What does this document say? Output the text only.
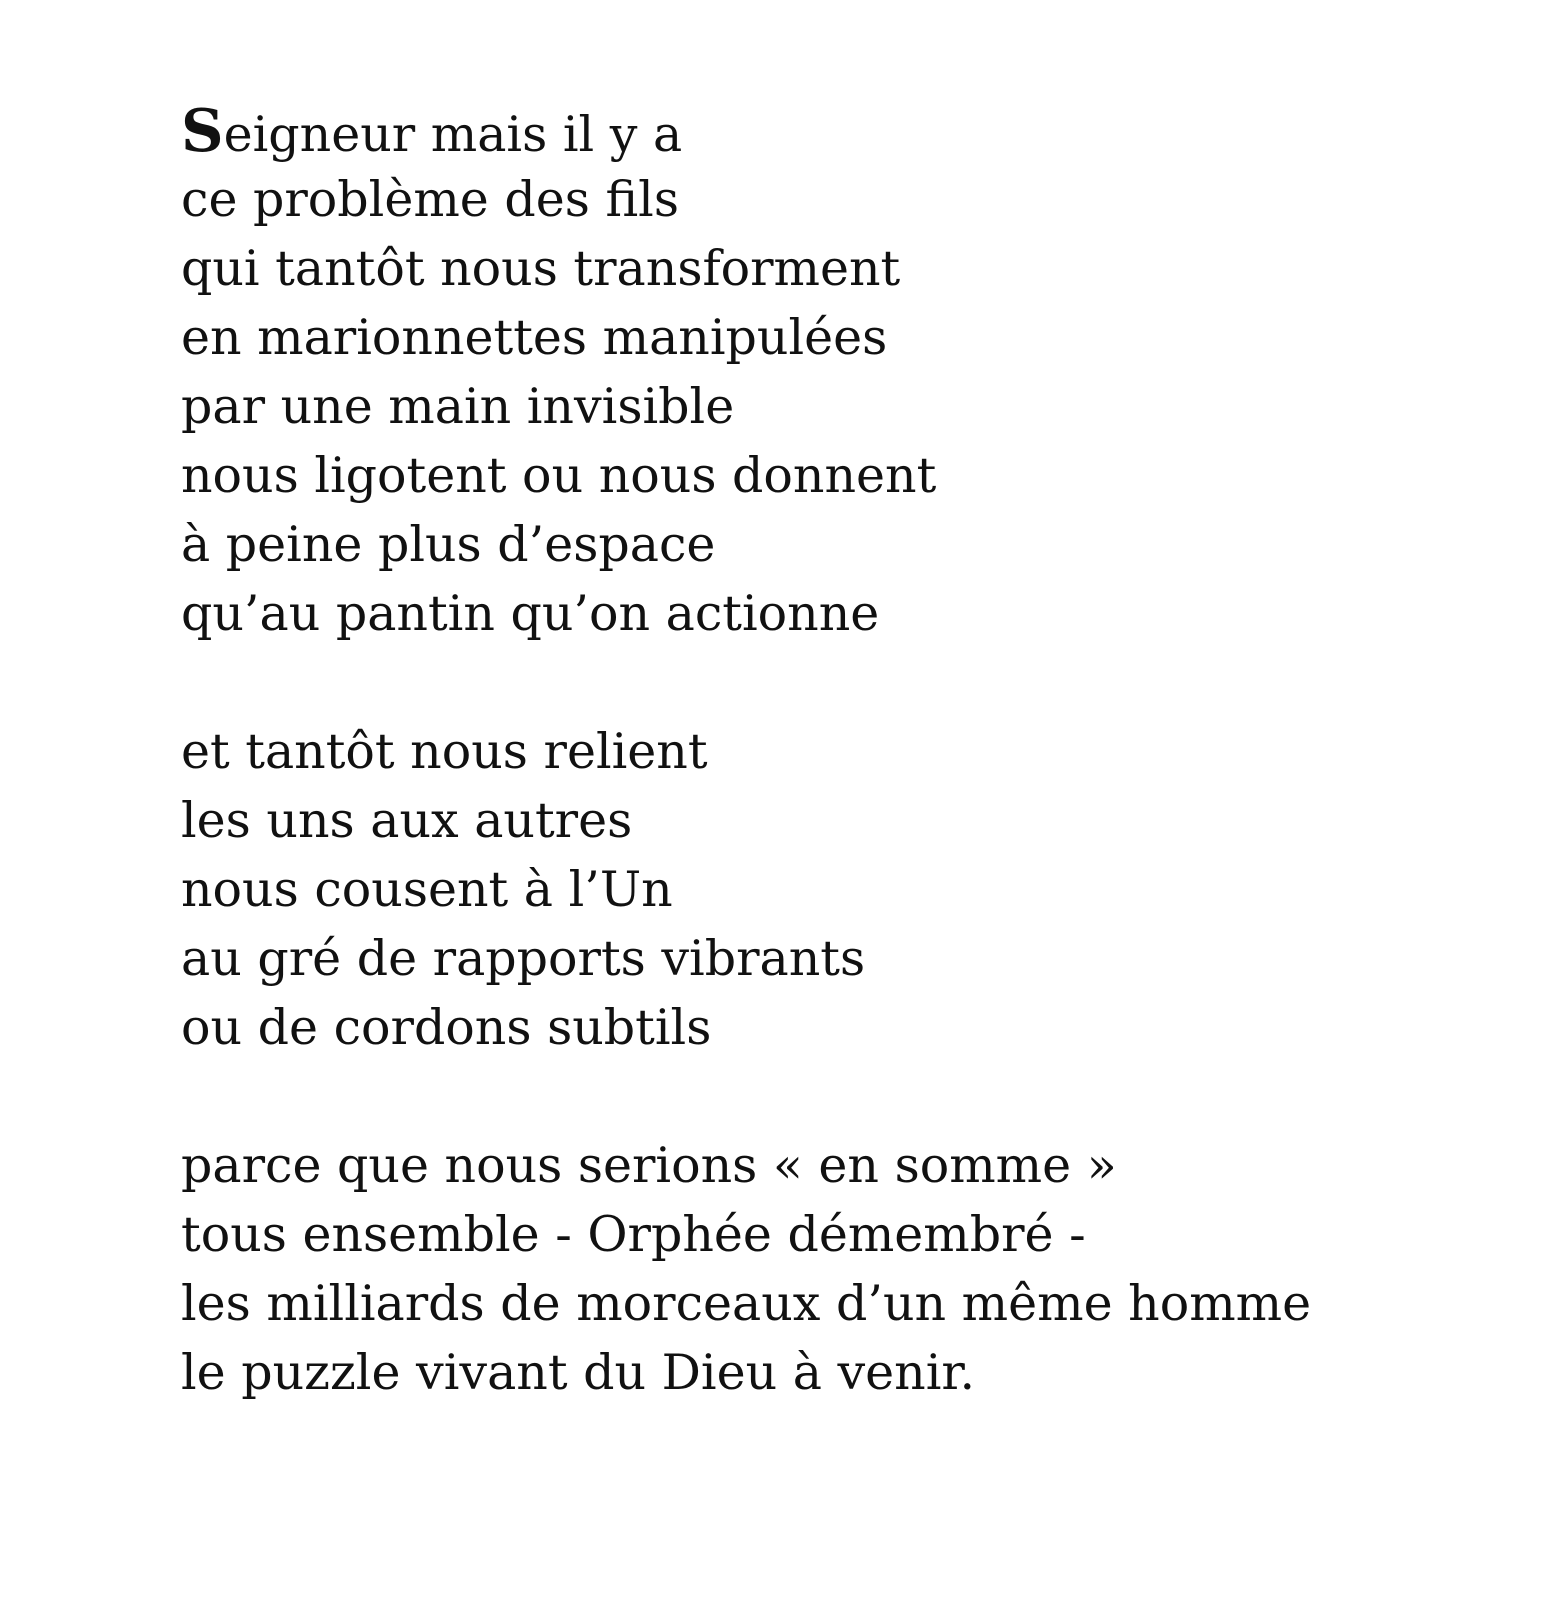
Seigneur mais il y a
ce problème des fils
qui tantôt nous transforment
en marionnettes manipulées
par une main invisible
nous ligotent ou nous donnent
à peine plus d’espace
qu’au pantin qu’on actionne
et tantôt nous relient
les uns aux autres
nous cousent à l’Un
au gré de rapports vibrants
ou de cordons subtils
parce que nous serions « en somme »
tous ensemble - Orphée démembré -
les milliards de morceaux d’un même homme
le puzzle vivant du Dieu à venir.
